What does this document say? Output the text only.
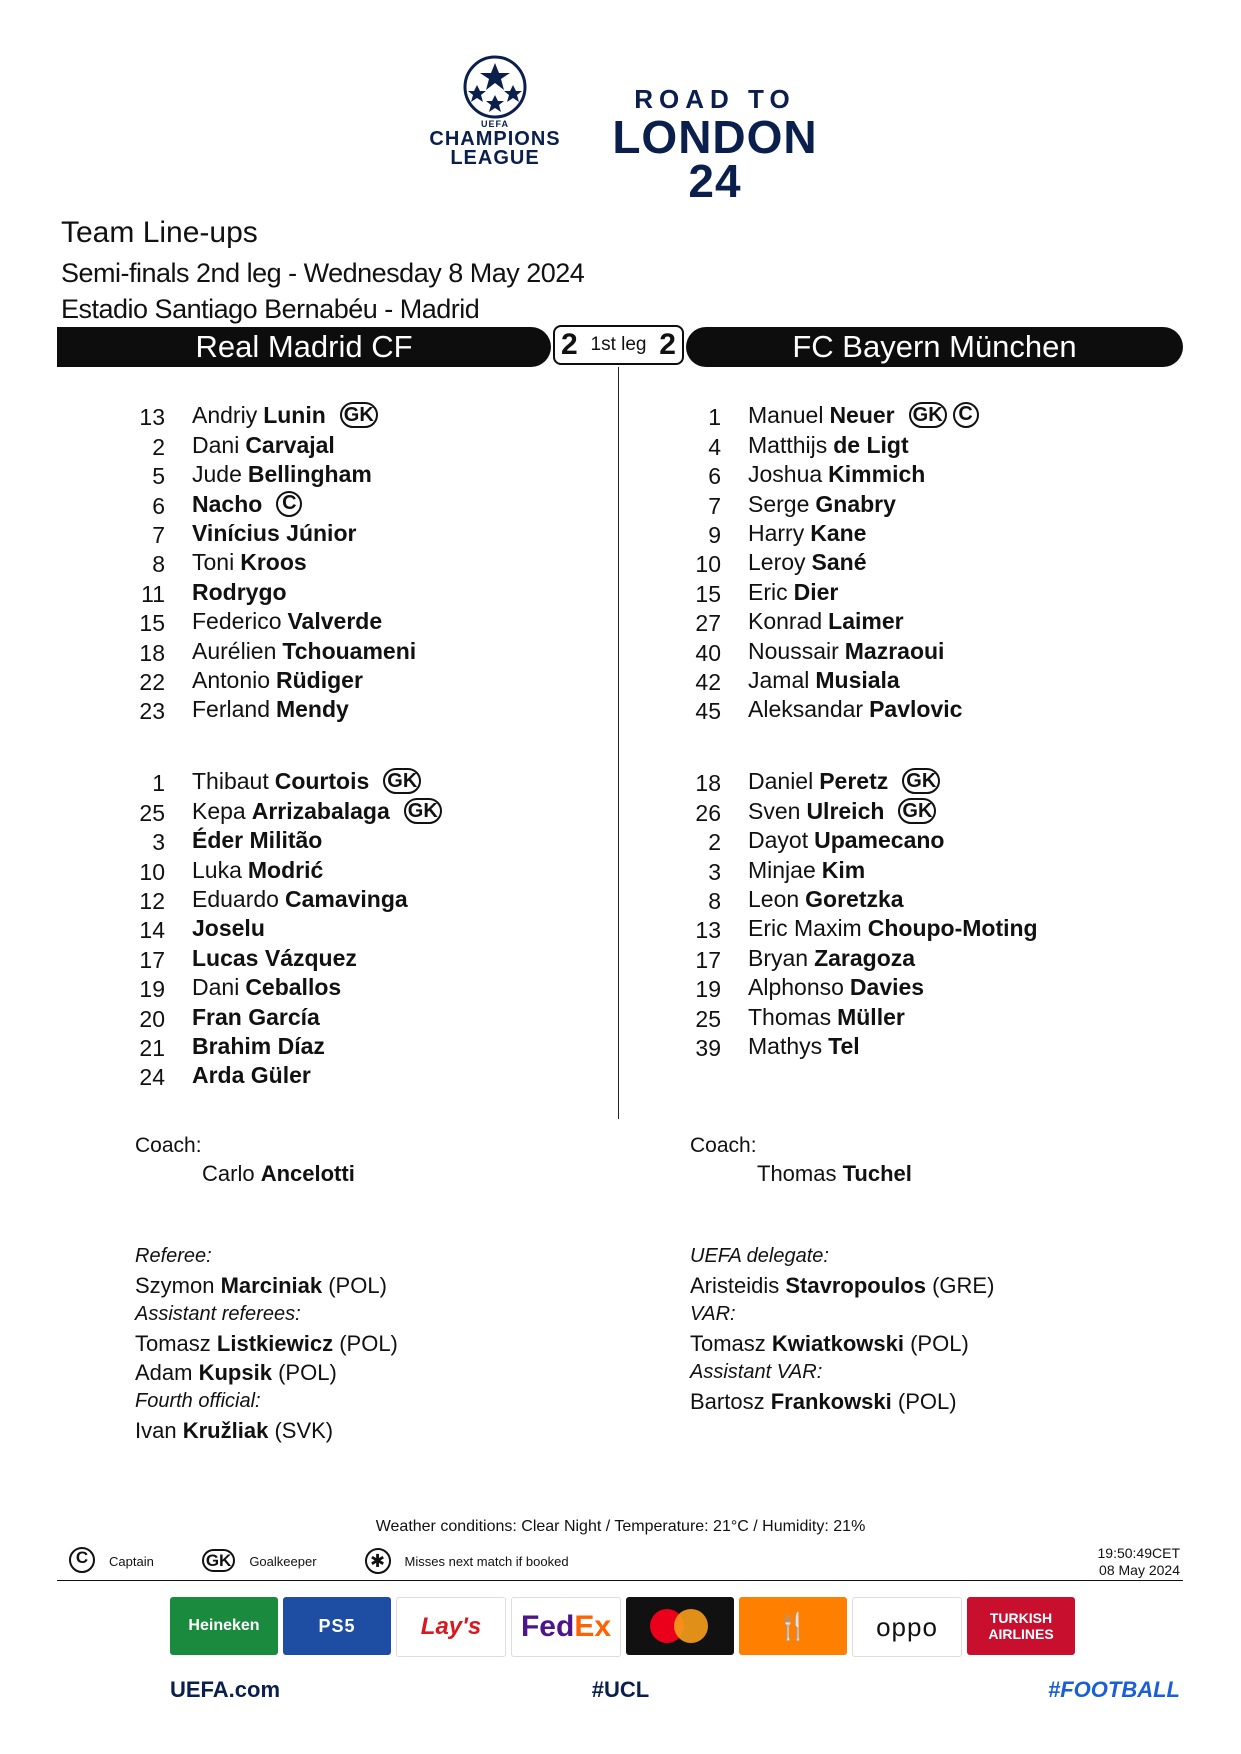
UEFA
CHAMPIONS
LEAGUE
ROAD TO
LONDON 24
Team Line-ups
Semi-finals 2nd leg - Wednesday 8 May 2024
Estadio Santiago Bernabéu - Madrid
Real Madrid CF	2 1st leg 2	FC Bayern München
13 Andriy Lunin GK
2 Dani Carvajal
5 Jude Bellingham
6 Nacho C
7 Vinícius Júnior
8 Toni Kroos
11 Rodrygo
15 Federico Valverde
18 Aurélien Tchouameni
22 Antonio Rüdiger
23 Ferland Mendy
1 Thibaut Courtois GK
25 Kepa Arrizabalaga GK
3 Éder Militão
10 Luka Modrić
12 Eduardo Camavinga
14 Joselu
17 Lucas Vázquez
19 Dani Ceballos
20 Fran García
21 Brahim Díaz
24 Arda Güler
1 Manuel Neuer GK C
4 Matthijs de Ligt
6 Joshua Kimmich
7 Serge Gnabry
9 Harry Kane
10 Leroy Sané
15 Eric Dier
27 Konrad Laimer
40 Noussair Mazraoui
42 Jamal Musiala
45 Aleksandar Pavlovic
18 Daniel Peretz GK
26 Sven Ulreich GK
2 Dayot Upamecano
3 Minjae Kim
8 Leon Goretzka
13 Eric Maxim Choupo-Moting
17 Bryan Zaragoza
19 Alphonso Davies
25 Thomas Müller
39 Mathys Tel
Coach:
Carlo Ancelotti
Coach:
Thomas Tuchel
Referee:
Szymon Marciniak (POL)
Assistant referees:
Tomasz Listkiewicz (POL)
Adam Kupsik (POL)
Fourth official:
Ivan Kružliak (SVK)
UEFA delegate:
Aristeidis Stavropoulos (GRE)
VAR:
Tomasz Kwiatkowski (POL)
Assistant VAR:
Bartosz Frankowski (POL)
Weather conditions: Clear Night / Temperature: 21°C / Humidity: 21%
C	Captain	GK	Goalkeeper	✱	Misses next match if booked	19:50:49CET
08 May 2024
Heineken	PS5	Lay's	Fed Ex	🍴	oppo	TURKISH AIRLINES
UEFA.com	#UCL	#FOOTBALL
